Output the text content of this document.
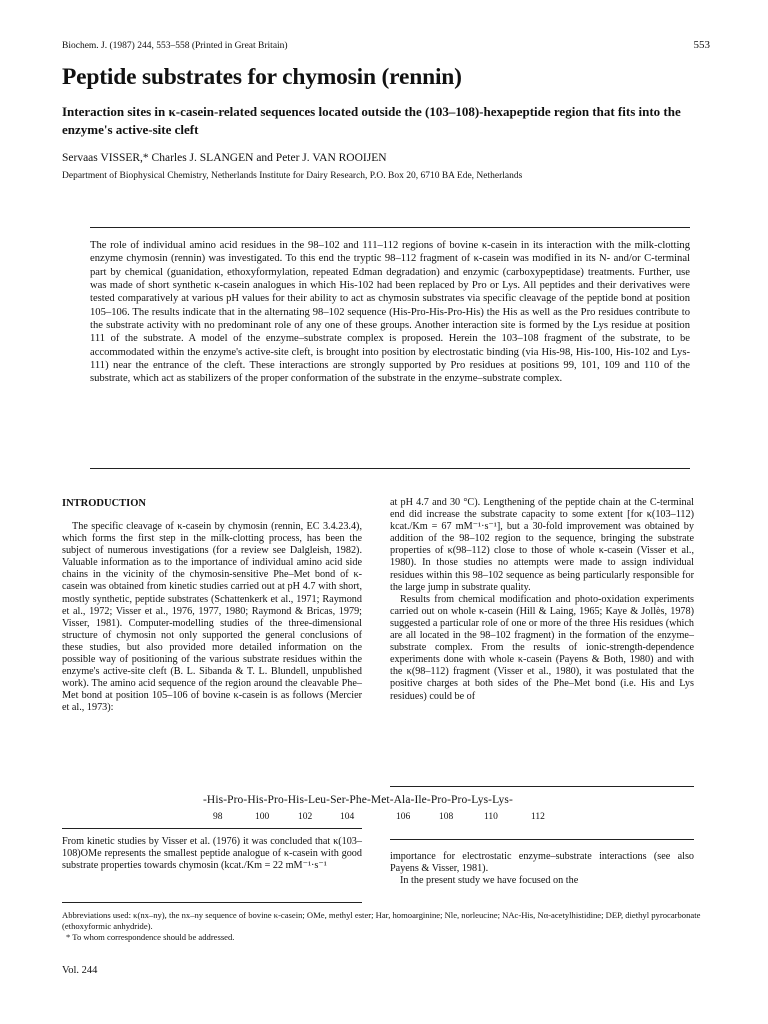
Biochem. J. (1987) 244, 553–558 (Printed in Great Britain)	553
Peptide substrates for chymosin (rennin)
Interaction sites in κ-casein-related sequences located outside the (103–108)-hexapeptide region that fits into the enzyme's active-site cleft
Servaas VISSER,* Charles J. SLANGEN and Peter J. VAN ROOIJEN
Department of Biophysical Chemistry, Netherlands Institute for Dairy Research, P.O. Box 20, 6710 BA Ede, Netherlands

The role of individual amino acid residues in the 98–102 and 111–112 regions of bovine κ-casein in its interaction with the milk-clotting enzyme chymosin (rennin) was investigated. To this end the tryptic 98–112 fragment of κ-casein was modified in its N- and/or C-terminal part by chemical (guanidation, ethoxyformylation, repeated Edman degradation) and enzymic (carboxypeptidase) treatments. Further, use was made of short synthetic κ-casein analogues in which His-102 had been replaced by Pro or Lys. All peptides and their derivatives were tested comparatively at various pH values for their ability to act as chymosin substrates via specific cleavage of the peptide bond at position 105–106. The results indicate that in the alternating 98–102 sequence (His-Pro-His-Pro-His) the His as well as the Pro residues contribute to the substrate activity with no predominant role of any one of these groups. Another interaction site is formed by the Lys residue at position 111 of the substrate. A model of the enzyme–substrate complex is proposed. Herein the 103–108 fragment of the substrate, to be accommodated within the enzyme's active-site cleft, is brought into position by electrostatic binding (via His-98, His-100, His-102 and Lys-111) near the entrance of the cleft. These interactions are strongly supported by Pro residues at positions 99, 101, 109 and 110 of the substrate, which act as stabilizers of the proper conformation of the substrate in the enzyme–substrate complex.

INTRODUCTION

The specific cleavage of κ-casein by chymosin (rennin, EC 3.4.23.4), which forms the first step in the milk-clotting process, has been the subject of numerous investigations (for a review see Dalgleish, 1982). Valuable information as to the importance of individual amino acid side chains in the vicinity of the chymosin-sensitive Phe–Met bond of κ-casein was obtained from kinetic studies carried out at pH 4.7 with short, mostly synthetic, peptide substrates (Schattenkerk et al., 1971; Raymond et al., 1972; Visser et al., 1976, 1977, 1980; Raymond & Bricas, 1979; Visser, 1981). Computer-modelling studies of the three-dimensional structure of chymosin not only supported the general conclusions of these studies, but also provided more detailed information on the possible way of positioning of the various substrate residues within the enzyme's active-site cleft (B. L. Sibanda & T. L. Blundell, unpublished work). The amino acid sequence of the region around the cleavable Phe–Met bond at position 105–106 of bovine κ-casein is as follows (Mercier et al., 1973):

at pH 4.7 and 30 °C). Lengthening of the peptide chain at the C-terminal end did increase the substrate capacity to some extent [for κ(103–112) kcat./Km = 67 mM⁻¹·s⁻¹], but a 30-fold improvement was obtained by addition of the 98–102 region to the sequence, bringing the substrate properties of κ(98–112) close to those of whole κ-casein (Visser et al., 1980). In those studies no attempts were made to assign individual residues within this 98–102 sequence as being particularly responsible for the large jump in substrate quality.
Results from chemical modification and photo-oxidation experiments carried out on whole κ-casein (Hill & Laing, 1965; Kaye & Jollès, 1978) suggested a particular role of one or more of the three His residues (which are all located in the 98–102 fragment) in the formation of the enzyme–substrate complex. From the results of ionic-strength-dependence experiments done with whole κ-casein (Payens & Both, 1980) and with the κ(98–112) fragment (Visser et al., 1980), it was postulated that the positive charges at both sides of the Phe–Met bond (i.e. His and Lys residues) could be of

-His-Pro-His-Pro-His-Leu-Ser-Phe-Met-Ala-Ile-Pro-Pro-Lys-Lys-
98	100	102	104	106	108	110	112

From kinetic studies by Visser et al. (1976) it was concluded that κ(103–108)OMe represents the smallest peptide analogue of κ-casein with good substrate properties towards chymosin (kcat./Km = 22 mM⁻¹·s⁻¹

importance for electrostatic enzyme–substrate interactions (see also Payens & Visser, 1981).
In the present study we have focused on the

Abbreviations used: κ(nx–ny), the nx–ny sequence of bovine κ-casein; OMe, methyl ester; Har, homoarginine; Nle, norleucine; NAc-His, Nα-acetylhistidine; DEP, diethyl pyrocarbonate (ethoxyformic anhydride).
* To whom correspondence should be addressed.
Vol. 244
